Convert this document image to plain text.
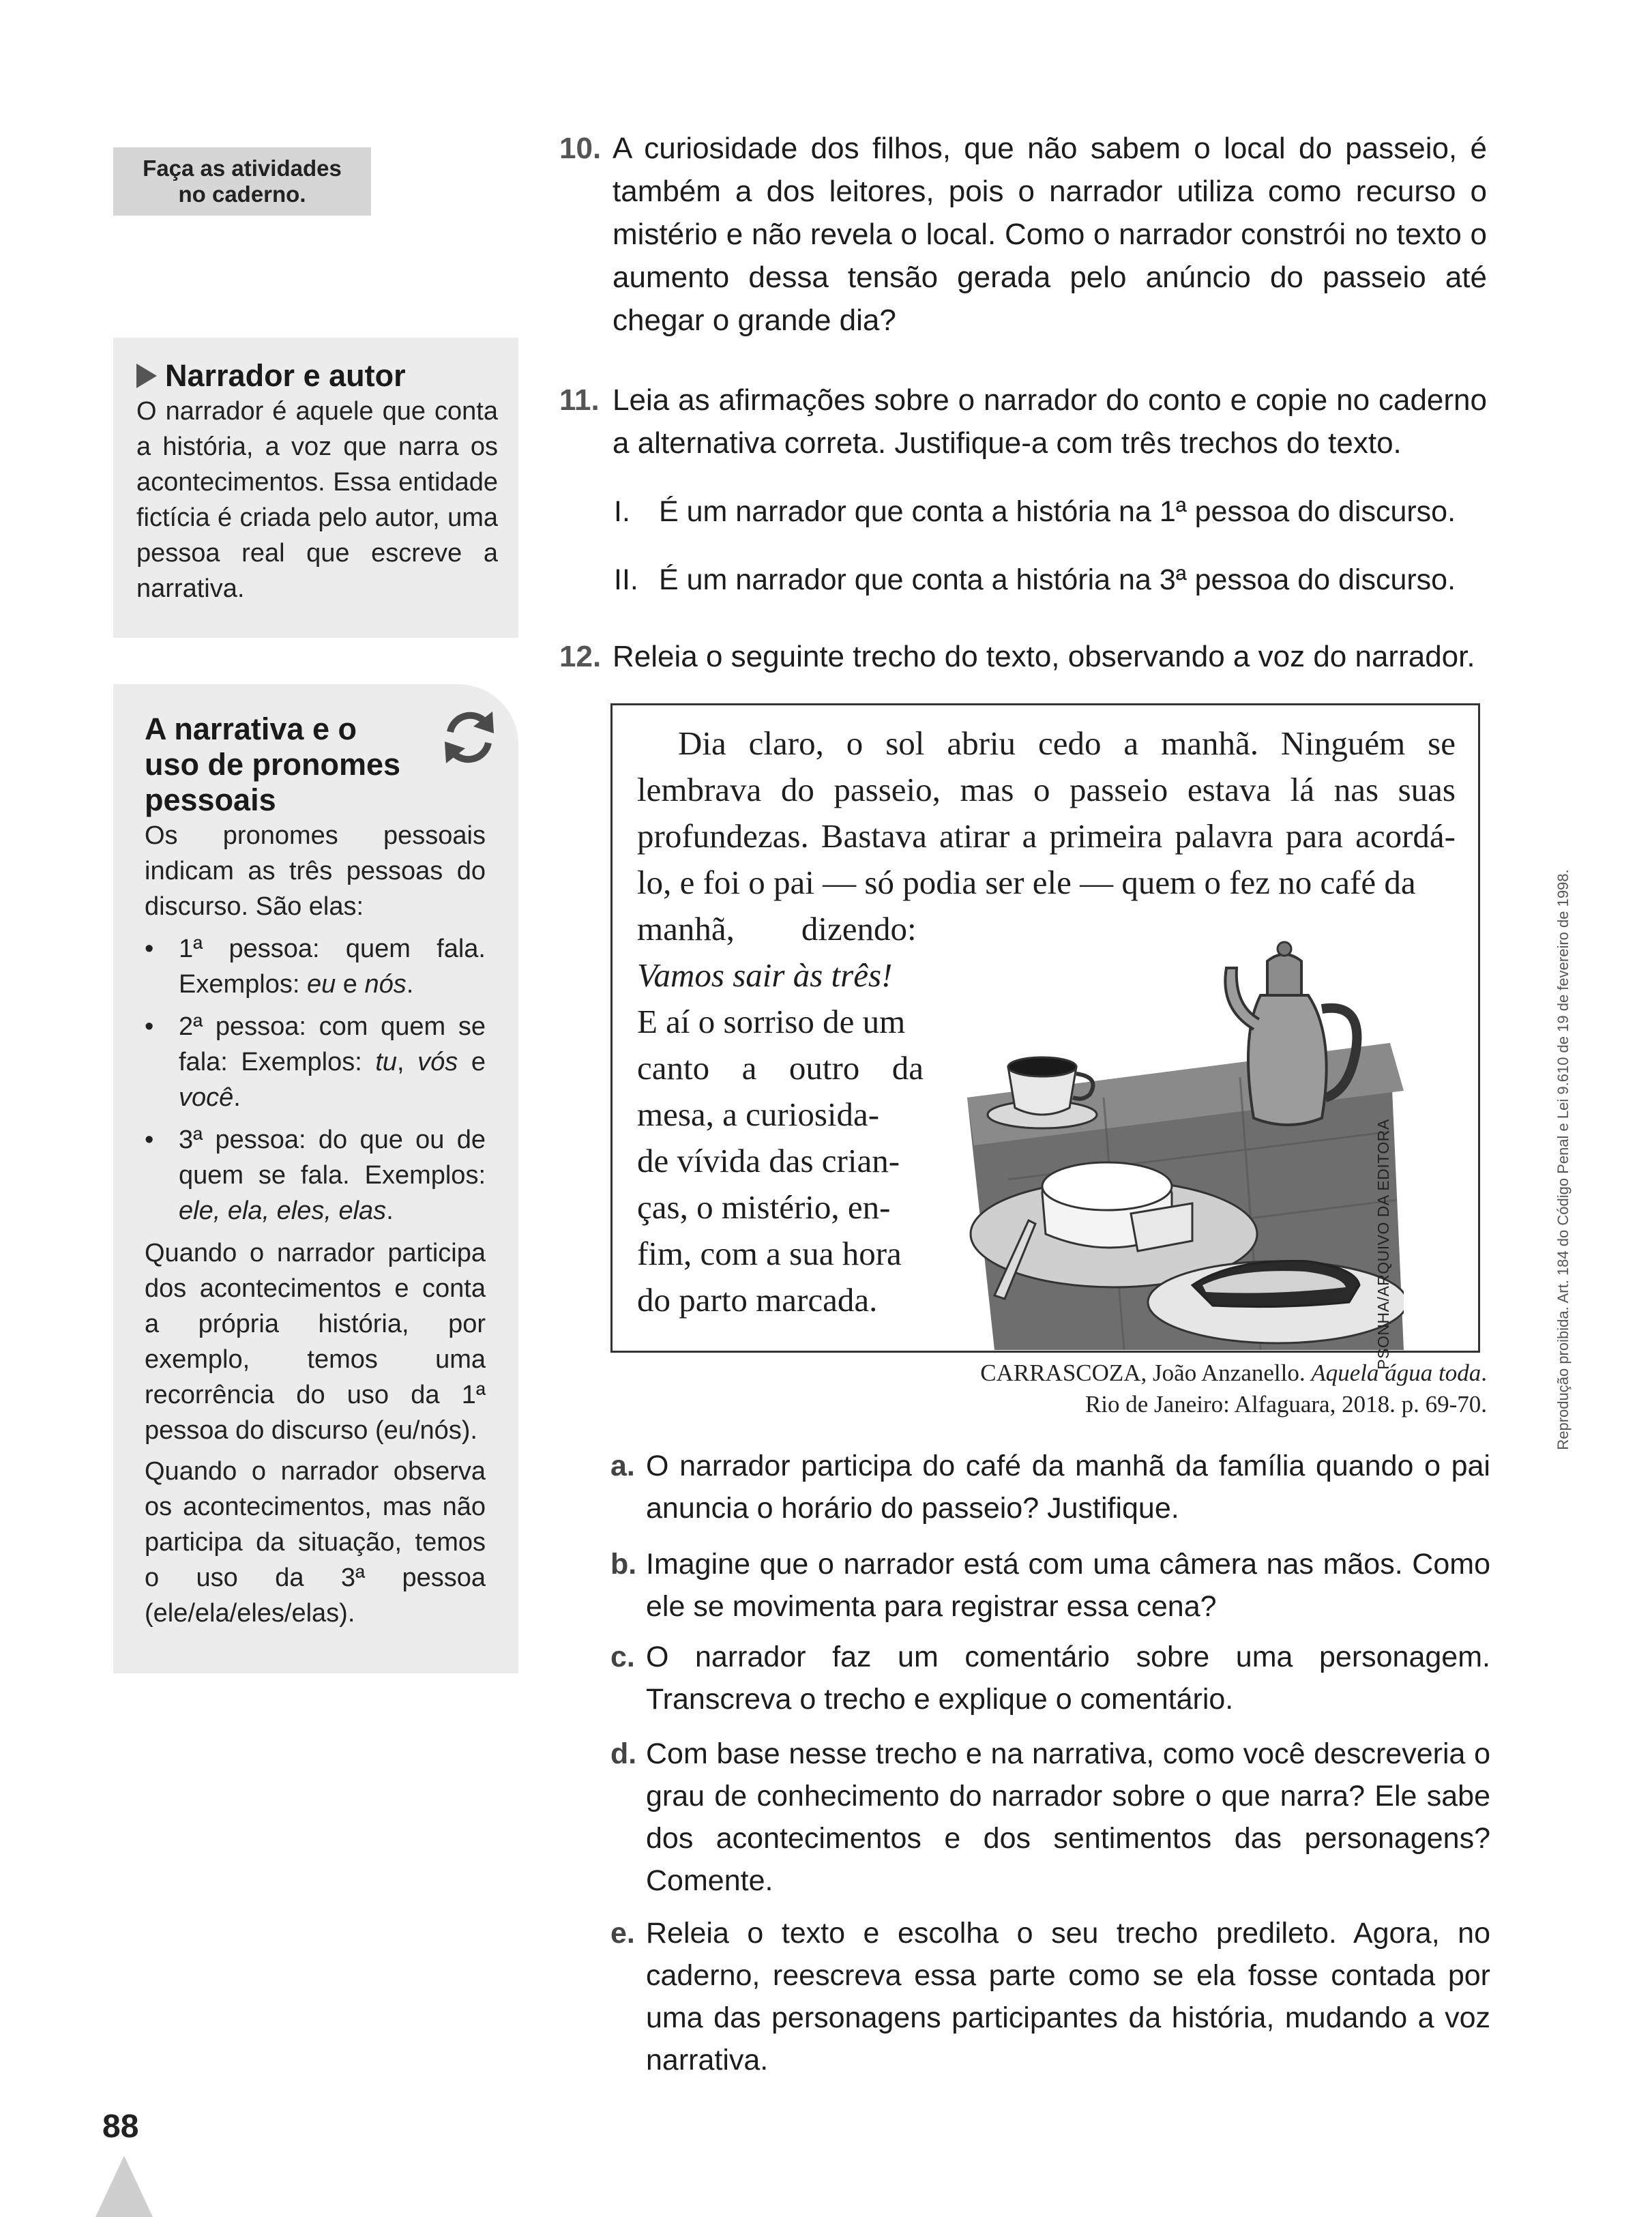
Faça as atividades
no caderno.
Narrador e autor
O narrador é aquele que conta a história, a voz que narra os acontecimentos. Essa entidade fictícia é criada pelo autor, uma pessoa real que escreve a narrativa.
A narrativa e o uso de pronomes pessoais

Os pronomes pessoais indicam as três pessoas do discurso. São elas:

• 1ª pessoa: quem fala. Exemplos: eu e nós.
• 2ª pessoa: com quem se fala: Exemplos: tu, vós e você.
• 3ª pessoa: do que ou de quem se fala. Exemplos: ele, ela, eles, elas.

Quando o narrador participa dos acontecimentos e conta a própria história, por exemplo, temos uma recorrência do uso da 1ª pessoa do discurso (eu/nós).

Quando o narrador observa os acontecimentos, mas não participa da situação, temos o uso da 3ª pessoa (ele/ela/eles/elas).

10. A curiosidade dos filhos, que não sabem o local do passeio, é também a dos leitores, pois o narrador utiliza como recurso o mistério e não revela o local. Como o narrador constrói no texto o aumento dessa tensão gerada pelo anúncio do passeio até chegar o grande dia?
11. Leia as afirmações sobre o narrador do conto e copie no caderno a alternativa correta. Justifique-a com três trechos do texto.
I. É um narrador que conta a história na 1ª pessoa do discurso.
II. É um narrador que conta a história na 3ª pessoa do discurso.
12. Releia o seguinte trecho do texto, observando a voz do narrador.
Dia claro, o sol abriu cedo a manhã. Ninguém se lembrava do passeio, mas o passeio estava lá nas suas profundezas. Bastava atirar a primeira palavra para acordá-lo, e foi o pai — só podia ser ele — quem o fez no café da
manhã,        dizendo:
Vamos sair às três!
E aí o sorriso de um
canto a outro da
mesa, a curiosida-
de vívida das crian-
ças, o mistério, en-
fim, com a sua hora
do parto marcada.	PSONHA/ARQUIVO DA EDITORA
CARRASCOZA, João Anzanello. Aquela água toda.
Rio de Janeiro: Alfaguara, 2018. p. 69-70.
a. O narrador participa do café da manhã da família quando o pai anuncia o horário do passeio? Justifique.
b. Imagine que o narrador está com uma câmera nas mãos. Como ele se movimenta para registrar essa cena?
c. O narrador faz um comentário sobre uma personagem. Transcreva o trecho e explique o comentário.
d. Com base nesse trecho e na narrativa, como você descreveria o grau de conhecimento do narrador sobre o que narra? Ele sabe dos acontecimentos e dos sentimentos das personagens? Comente.
e. Releia o texto e escolha o seu trecho predileto. Agora, no caderno, reescreva essa parte como se ela fosse contada por uma das personagens participantes da história, mudando a voz narrativa.
Reprodução proibida. Art. 184 do Código Penal e Lei 9.610 de 19 de fevereiro de 1998.
88
